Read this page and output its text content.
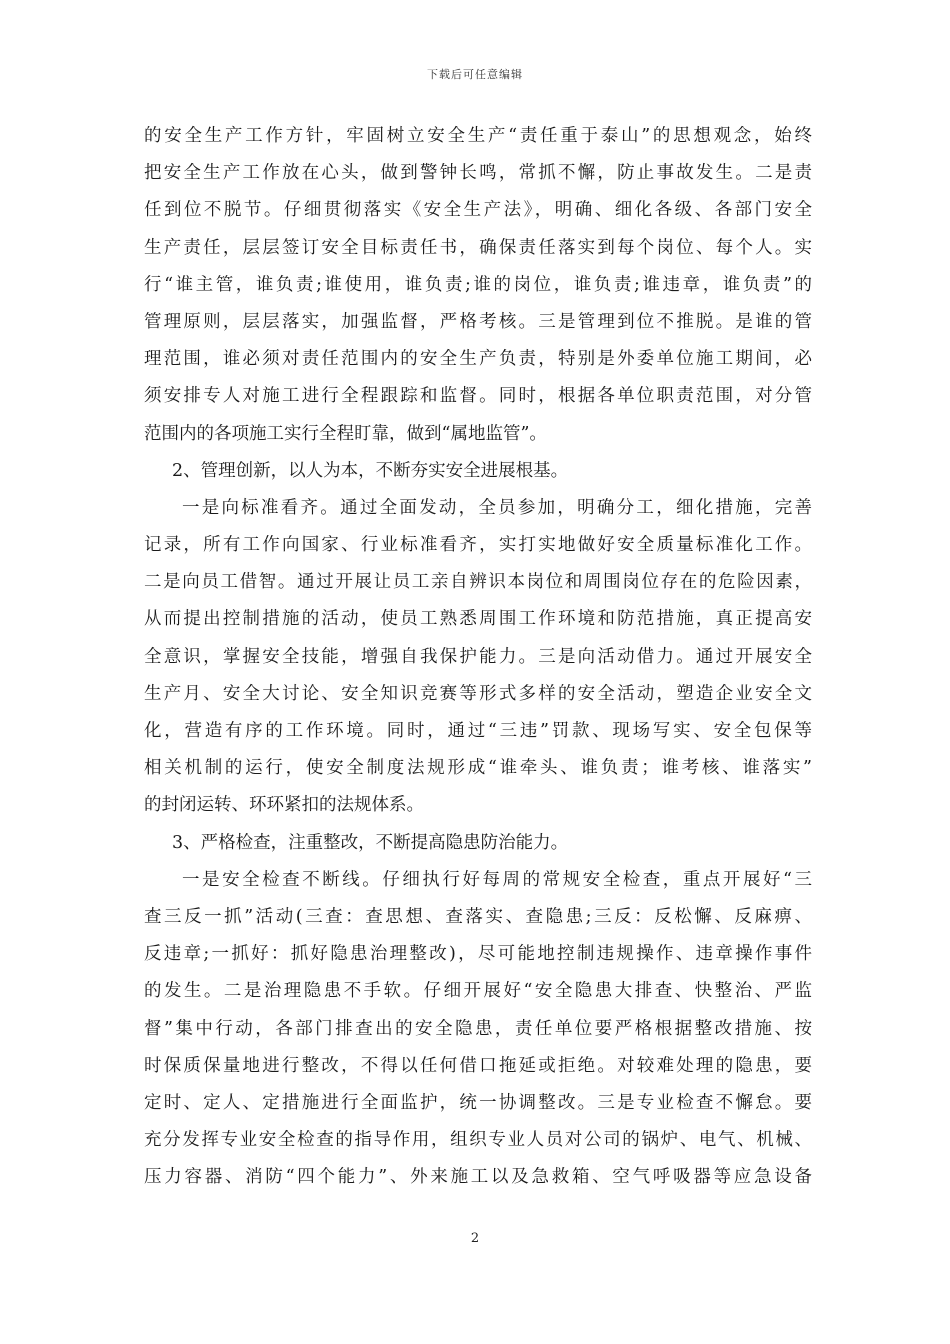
下载后可任意编辑
的安全生产工作方针，牢固树立安全生产“责任重于泰山”的思想观念，始终
把安全生产工作放在心头，做到警钟长鸣，常抓不懈，防止事故发生。二是责
任到位不脱节。仔细贯彻落实《安全生产法》，明确、细化各级、各部门安全
生产责任，层层签订安全目标责任书，确保责任落实到每个岗位、每个人。实
行“谁主管，谁负责;谁使用，谁负责;谁的岗位，谁负责;谁违章，谁负责”的
管理原则，层层落实，加强监督，严格考核。三是管理到位不推脱。是谁的管
理范围，谁必须对责任范围内的安全生产负责，特别是外委单位施工期间，必
须安排专人对施工进行全程跟踪和监督。同时，根据各单位职责范围，对分管
范围内的各项施工实行全程盯靠，做到“属地监管”。
2、管理创新，以人为本，不断夯实安全进展根基。
一是向标准看齐。通过全面发动，全员参加，明确分工，细化措施，完善
记录，所有工作向国家、行业标准看齐，实打实地做好安全质量标准化工作。
二是向员工借智。通过开展让员工亲自辨识本岗位和周围岗位存在的危险因素，
从而提出控制措施的活动，使员工熟悉周围工作环境和防范措施，真正提高安
全意识，掌握安全技能，增强自我保护能力。三是向活动借力。通过开展安全
生产月、安全大讨论、安全知识竞赛等形式多样的安全活动，塑造企业安全文
化，营造有序的工作环境。同时，通过“三违”罚款、现场写实、安全包保等
相关机制的运行，使安全制度法规形成“谁牵头、谁负责；谁考核、谁落实”
的封闭运转、环环紧扣的法规体系。
3、严格检查，注重整改，不断提高隐患防治能力。
一是安全检查不断线。仔细执行好每周的常规安全检查，重点开展好“三
查三反一抓”活动(三查：查思想、查落实、查隐患;三反：反松懈、反麻痹、
反违章;一抓好：抓好隐患治理整改)，尽可能地控制违规操作、违章操作事件
的发生。二是治理隐患不手软。仔细开展好“安全隐患大排查、快整治、严监
督”集中行动，各部门排查出的安全隐患，责任单位要严格根据整改措施、按
时保质保量地进行整改，不得以任何借口拖延或拒绝。对较难处理的隐患，要
定时、定人、定措施进行全面监护，统一协调整改。三是专业检查不懈怠。要
充分发挥专业安全检查的指导作用，组织专业人员对公司的锅炉、电气、机械、
压力容器、消防“四个能力”、外来施工以及急救箱、空气呼吸器等应急设备
2
